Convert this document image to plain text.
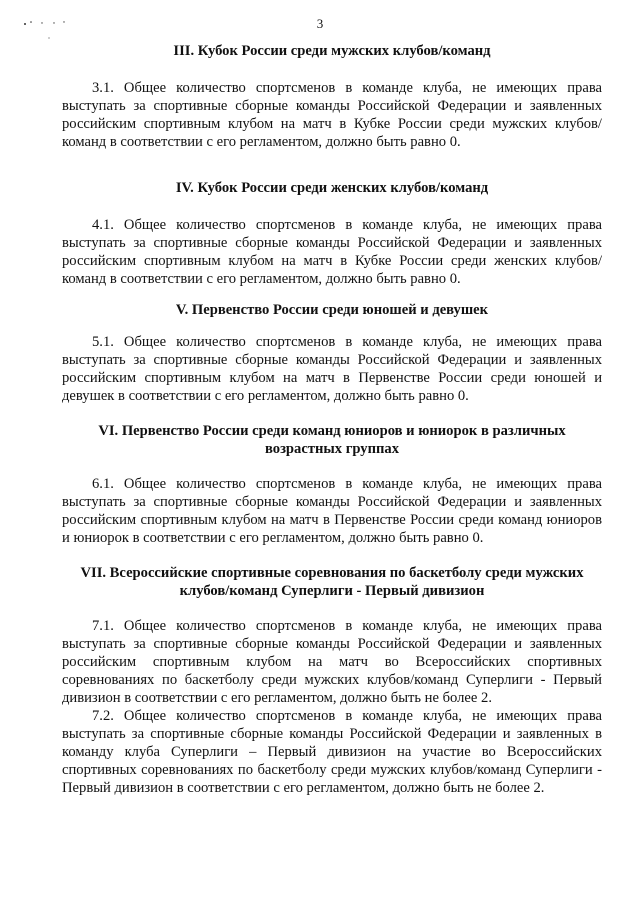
3
III. Кубок России среди мужских клубов/команд

3.1. Общее количество спортсменов в команде клуба, не имеющих права выступать за спортивные сборные команды Российской Федерации и заявленных российским спортивным клубом на матч в Кубке России среди мужских клубов/команд в соответствии с его регламентом, должно быть равно 0.

IV. Кубок России среди женских клубов/команд

4.1. Общее количество спортсменов в команде клуба, не имеющих права выступать за спортивные сборные команды Российской Федерации и заявленных российским спортивным клубом на матч в Кубке России среди женских клубов/команд в соответствии с его регламентом, должно быть равно 0.

V. Первенство России среди юношей и девушек

5.1. Общее количество спортсменов в команде клуба, не имеющих права выступать за спортивные сборные команды Российской Федерации и заявленных российским спортивным клубом на матч в Первенстве России среди юношей и девушек в соответствии с его регламентом, должно быть равно 0.

VI. Первенство России среди команд юниоров и юниорок в различных возрастных группах

6.1. Общее количество спортсменов в команде клуба, не имеющих права выступать за спортивные сборные команды Российской Федерации и заявленных российским спортивным клубом на матч в Первенстве России среди команд юниоров и юниорок в соответствии с его регламентом, должно быть равно 0.

VII. Всероссийские спортивные соревнования по баскетболу среди мужских клубов/команд Суперлиги - Первый дивизион

7.1. Общее количество спортсменов в команде клуба, не имеющих права выступать за спортивные сборные команды Российской Федерации и заявленных российским спортивным клубом на матч во Всероссийских спортивных соревнованиях по баскетболу среди мужских клубов/команд Суперлиги - Первый дивизион в соответствии с его регламентом, должно быть не более 2.

7.2. Общее количество спортсменов в команде клуба, не имеющих права выступать за спортивные сборные команды Российской Федерации и заявленных в команду клуба Суперлиги – Первый дивизион на участие во Всероссийских спортивных соревнованиях по баскетболу среди мужских клубов/команд Суперлиги - Первый дивизион в соответствии с его регламентом, должно быть не более 2.
